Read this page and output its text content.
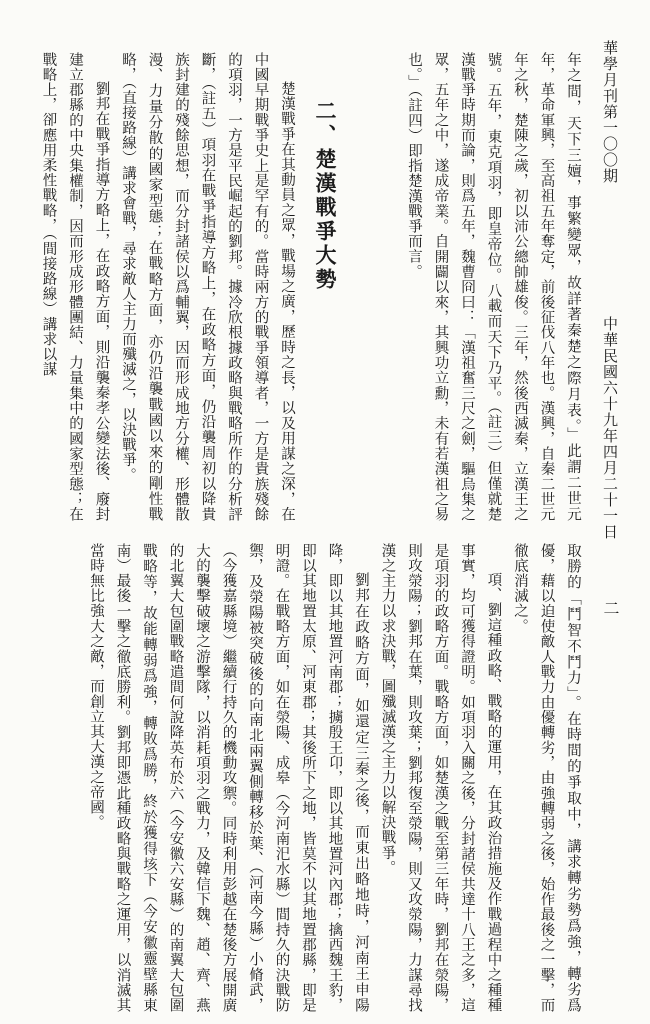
華學月刊第一〇〇期
中華民國六十九年四月二十一日

年之間，天下三嬗，事繁變眾，故詳著秦楚之際月表。」此謂二世元年，革命軍興，至高祖五年奪定，前後征伐八年也。漢興，自秦二世元年之秋，楚陳之歲，初以沛公總帥雄俊。三年，然後西滅秦，立漢王之號。五年，東克項羽，即皇帝位。八載而天下乃平。（註三）但僅就楚漢戰爭時期而論，則爲五年，魏曹冏曰：「漢祖奮三尺之劍，驅烏集之眾，五年之中，遂成帝業。自開闢以來，其興功立勳，未有若漢祖之易也。」（註四）即指楚漢戰爭而言。

二、楚漢戰爭大勢

楚漢戰爭在其動員之眾，戰場之廣，歷時之長，以及用謀之深，在中國早期戰爭史上是罕有的。當時兩方的戰爭領導者，一方是貴族殘餘的項羽，一方是平民崛起的劉邦。據冷欣根據政略與戰略所作的分析評斷，（註五）項羽在戰爭指導方略上，在政略方面，仍沿襲周初以降貴族封建的殘餘思想，而分封諸侯以爲輔翼，因而形成地方分權、形體散漫、力量分散的國家型態；在戰略方面，亦仍沿襲戰國以來的剛性戰略，（直接路線）講求會戰，尋求敵人主力而殲滅之，以決戰爭。

劉邦在戰爭指導方略上，在政略方面，則沿襲秦孝公變法後、廢封建立郡縣的中央集權制，因而形成形體團結、力量集中的國家型態；在戰略上，卻應用柔性戰略，（間接路線）講求以謀

二

取勝的「鬥智不鬥力」。在時間的爭取中，講求轉劣勢爲強，轉劣爲優，藉以迫使敵人戰力由優轉劣，由強轉弱之後，始作最後之一擊，而徹底消滅之。

項、劉這種政略、戰略的運用，在其政治措施及作戰過程中之種種事實，均可獲得證明。如項羽入關之後，分封諸侯共達十八王之多，這是項羽的政略方面。戰略方面，如楚漢之戰至第三年時，劉邦在滎陽，則攻滎陽；劉邦在葉，則攻葉；劉邦復至滎陽，則又攻滎陽，力謀尋找漢之主力以求決戰，圖殲滅漢之主力以解決戰爭。

劉邦在政略方面，如還定三秦之後，而東出略地時，河南王申陽降，即以其地置河南郡；擄殷王卬，即以其地置河內郡；擒西魏王豹，即以其地置太原、河東郡；其後所下之地，皆莫不以其地置郡縣，即是明證。在戰略方面，如在滎陽、成皋（今河南汜水縣）間持久的決戰防禦，及滎陽被突破後的向南北兩翼側轉移於葉、（河南今縣）小脩武，（今獲嘉縣境）繼續行持久的機動攻禦。同時利用彭越在楚後方展開廣大的襲擊破壞之游擊隊，以消耗項羽之戰力，及韓信下魏、趙、齊、燕的北翼大包圍戰略遣間何說降英布於六（今安徽六安縣）的南翼大包圍戰略等，故能轉弱爲強，轉敗爲勝，終於獲得垓下（今安徽靈壁縣東南）最後一擊之徹底勝利。劉邦即憑此種政略與戰略之運用，以消滅其當時無比強大之敵，而創立其大漢之帝國。
